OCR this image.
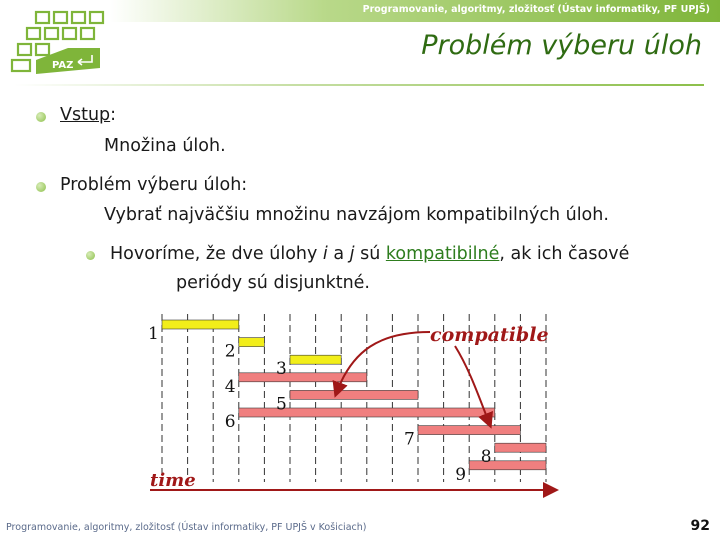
Programovanie, algoritmy, zložitosť (Ústav informatiky, PF UPJŠ)
PAZ
Problém výberu úloh
Vstup:
Množina úloh.
Problém výberu úloh:
Vybrať najväčšiu množinu navzájom kompatibilných úloh.
Hovoríme, že dve úlohy i a j sú kompatibilné, ak ich časové
periódy sú disjunktné.
1
2
3
4
5
6
7
8
9
compatible
time
Programovanie, algoritmy, zložitosť (Ústav informatiky, PF UPJŠ v Košiciach)	92
